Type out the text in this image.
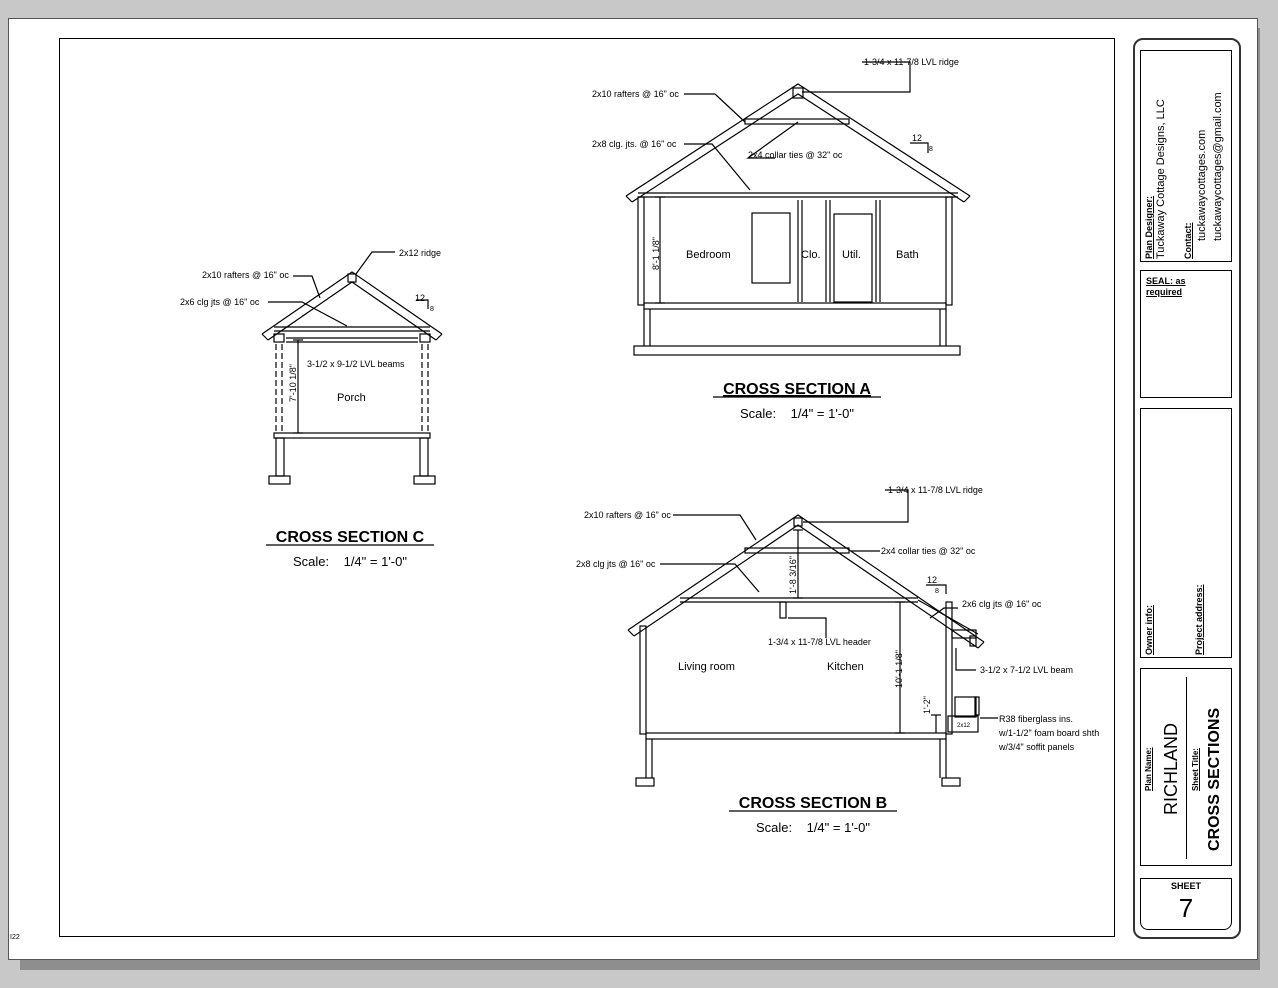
1-3/4 x 11-7/8 LVL ridge
2x10 rafters @ 16" oc
2x8 clg. jts. @ 16" oc
2x4 collar ties @ 32" oc
12
8
8'-1 1/8" Bedroom	Clo. Util.	Bath
CROSS SECTION A
Scale:    1/4" = 1'-0"
2x12 ridge
2x10 rafters @ 16" oc
2x6 clg jts @ 16" oc
3-1/2 x 9-1/2 LVL beams
12
8
7'-10 1/8"	Porch
CROSS SECTION C
Scale:    1/4" = 1'-0"
1-3/4 x 11-7/8 LVL ridge
2x10 rafters @ 16" oc
2x8 clg jts @ 16" oc
2x4 collar ties @ 32" oc
1-3/4 x 11-7/8 LVL header
2x6 clg jts @ 16" oc
3-1/2 x 7-1/2 LVL beam
R38 fiberglass ins.
w/1-1/2" foam board shth
w/3/4" soffit panels
12
8
1'-8 3/16"
10'-1 1/8"
1'-2"
2x12
Living room	Kitchen
CROSS SECTION B
Scale:    1/4" = 1'-0"
I22
Plan Designer: Tuckaway Cottage Designs, LLC Contact: tuckawaycottages.com tuckawaycottages@gmail.com
SEAL: as required
Owner info:	Project address:
Plan Name: RICHLAND Sheet Title: CROSS SECTIONS
SHEET
7
